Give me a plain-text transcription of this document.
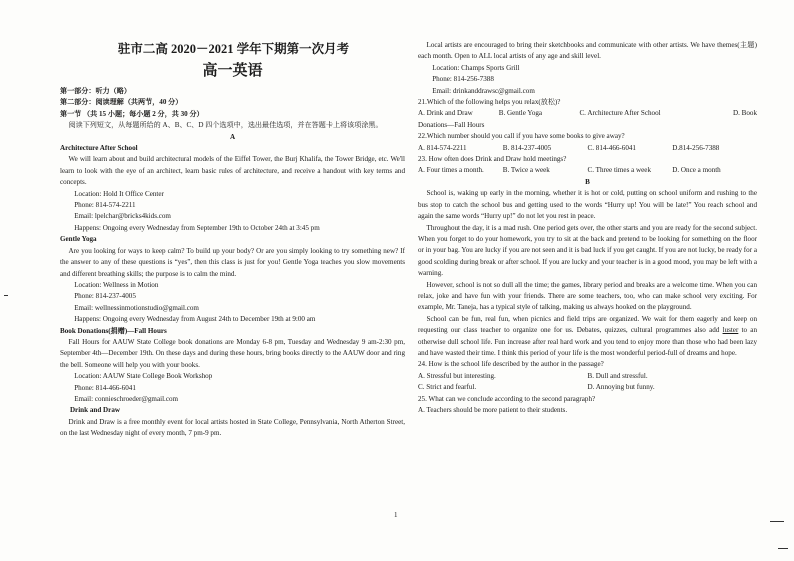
驻市二高 2020－2021 学年下期第一次月考
高一英语
第一部分：听力（略）
第二部分：阅读理解（共两节，40 分）
第一节 （共 15 小题；每小题 2 分，共 30 分）
阅读下列短文，从每题所给的 A、B、C、D 四个选项中，选出最佳选项，并在答题卡上将该项涂黑。
A
Architecture After School
We will learn about and build architectural models of the Eiffel Tower, the Burj Khalifa, the Tower Bridge, etc. We'll learn to look with the eye of an architect, learn basic rules of architecture, and receive a handout with key terms and concepts.
Location: Hold It Office Center
Phone: 814-574-2211
Email: lpelchar@bricks4kids.com
Happens: Ongoing every Wednesday from September 19th to October 24th at 3:45 pm
Gentle Yoga
Are you looking for ways to keep calm? To build up your body? Or are you simply looking to try something new? If the answer to any of these questions is “yes”, then this class is just for you! Gentle Yoga teaches you slow movements and different breathing skills; the purpose is to calm the mind.
Location: Wellness in Motion
Phone: 814-237-4005
Email: wellnessinmotionstudio@gmail.com
Happens: Ongoing every Wednesday from August 24th to December 19th at 9:00 am
Book Donations(捐赠)—Fall Hours
Fall Hours for AAUW State College book donations are Monday 6-8 pm, Tuesday and Wednesday 9 am-2:30 pm, September 4th—December 19th. On these days and during these hours, bring books directly to the AAUW door and ring the bell. Someone will help you with your books.
Location: AAUW State College Book Workshop
Phone: 814-466-6041
Email: connieschroeder@gmail.com
Drink and Draw
Drink and Draw is a free monthly event for local artists hosted in State College, Pennsylvania, North Atherton Street, on the last Wednesday night of every month, 7 pm-9 pm.
Local artists are encouraged to bring their sketchbooks and communicate with other artists. We have themes(主题) each month. Open to ALL local artists of any age and skill level.
Location: Champs Sports Grill
Phone: 814-256-7388
Email: drinkanddrawsc@gmail.com
21.Which of the following helps you relax(放松)?
A. Drink and Draw	B. Gentle Yoga	C. Architecture After School	D. Book
Donations—Fall Hours
22.Which number should you call if you have some books to give away?
A. 814-574-2211	B. 814-237-4005	C. 814-466-6041	D.814-256-7388
23. How often does Drink and Draw hold meetings?
A. Four times a month.	B. Twice a week	C. Three times a week	D. Once a month
B
School is, waking up early in the morning, whether it is hot or cold, putting on school uniform and rushing to the bus stop to catch the school bus and getting used to the words “Hurry up! You will be late!” You reach school and again the same words “Hurry up!” do not let you rest in peace.
Throughout the day, it is a mad rush. One period gets over, the other starts and you are ready for the second subject. When you forget to do your homework, you try to sit at the back and pretend to be looking for something on the floor or in your bag. You are lucky if you are not seen and it is bad luck if you get caught. If you are not lucky, be ready for a good scolding during break or after school. If you are lucky and your teacher is in a good mood, you may be left with a warning.
However, school is not so dull all the time; the games, library period and breaks are a welcome time. When you can relax, joke and have fun with your friends. There are some teachers, too, who can make school very exciting. For example, Mr. Taneja, has a typical style of talking, making us always hooked on the playground.
School can be fun, real fun, when picnics and field trips are organized. We wait for them eagerly and keep on requesting our class teacher to organize one for us. Debates, quizzes, cultural programmes also add luster to an otherwise dull school life. Fun increase after real hard work and you tend to enjoy more than those who had been lazy and have wasted their time. I think this period of your life is the most wonderful period-full of dreams and hope.
24. How is the school life described by the author in the passage?
A. Stressful but interesting.	B. Dull and stressful.
C. Strict and fearful.	D. Annoying but funny.
25. What can we conclude according to the second paragraph?
A. Teachers should be more patient to their students.
1
